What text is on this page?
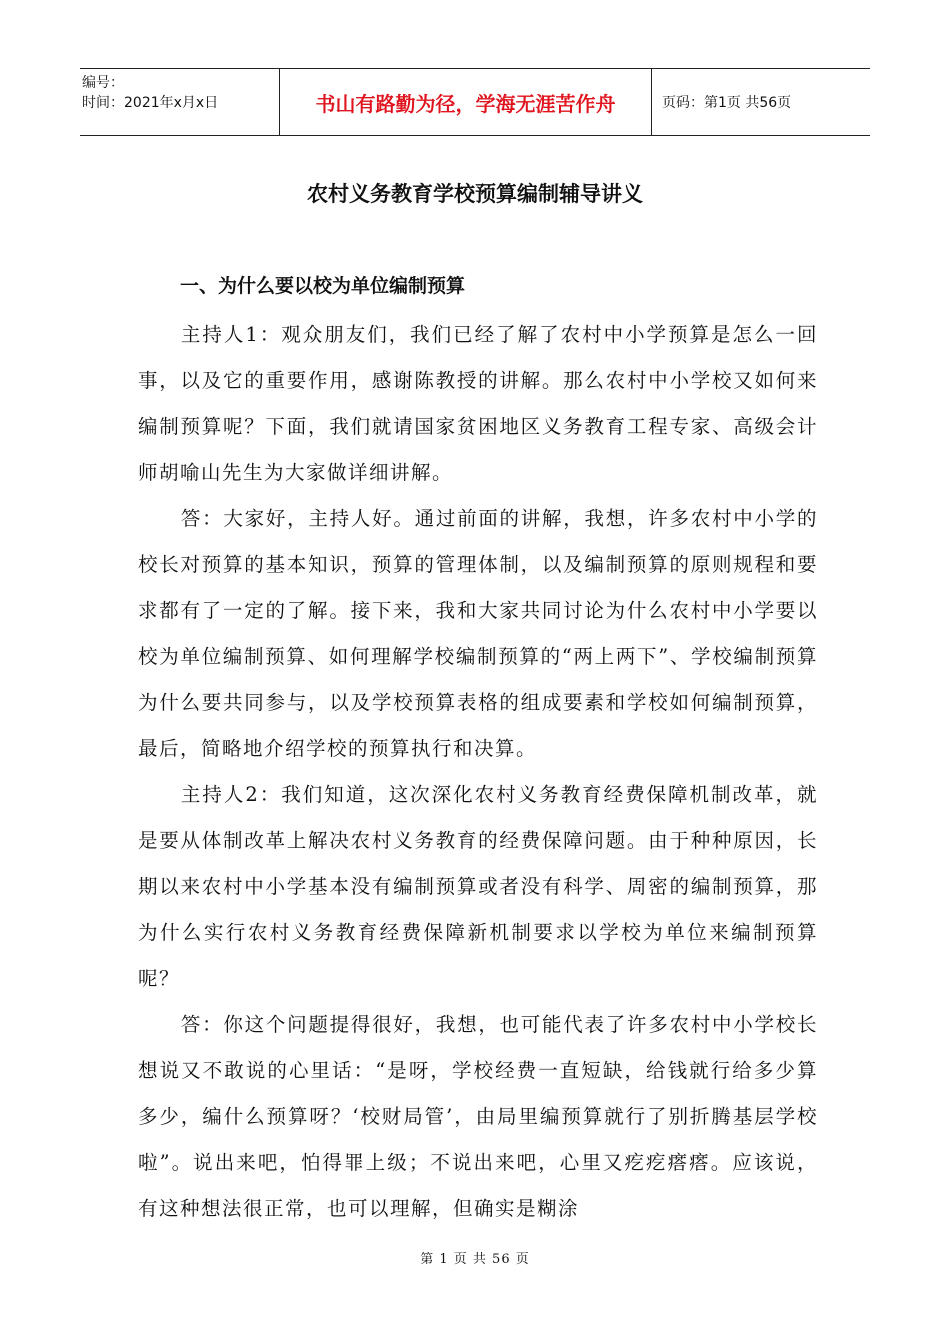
编号：
时间：2021年x月x日	书山有路勤为径，学海无涯苦作舟	页码：第1页 共56页
农村义务教育学校预算编制辅导讲义
一、为什么要以校为单位编制预算

主持人1：观众朋友们，我们已经了解了农村中小学预算是怎么一回事，以及它的重要作用，感谢陈教授的讲解。那么农村中小学校又如何来编制预算呢？下面，我们就请国家贫困地区义务教育工程专家、高级会计师胡喻山先生为大家做详细讲解。

答：大家好，主持人好。通过前面的讲解，我想，许多农村中小学的校长对预算的基本知识，预算的管理体制，以及编制预算的原则规程和要求都有了一定的了解。接下来，我和大家共同讨论为什么农村中小学要以校为单位编制预算、如何理解学校编制预算的“两上两下”、学校编制预算为什么要共同参与，以及学校预算表格的组成要素和学校如何编制预算，最后，简略地介绍学校的预算执行和决算。

主持人2：我们知道，这次深化农村义务教育经费保障机制改革，就是要从体制改革上解决农村义务教育的经费保障问题。由于种种原因，长期以来农村中小学基本没有编制预算或者没有科学、周密的编制预算，那为什么实行农村义务教育经费保障新机制要求以学校为单位来编制预算呢？

答：你这个问题提得很好，我想，也可能代表了许多农村中小学校长想说又不敢说的心里话：“是呀，学校经费一直短缺，给钱就行给多少算多少，编什么预算呀？‘校财局管’，由局里编预算就行了别折腾基层学校啦”。说出来吧，怕得罪上级；不说出来吧，心里又疙疙瘩瘩。应该说，有这种想法很正常，也可以理解，但确实是糊涂

第 1 页 共 56 页
